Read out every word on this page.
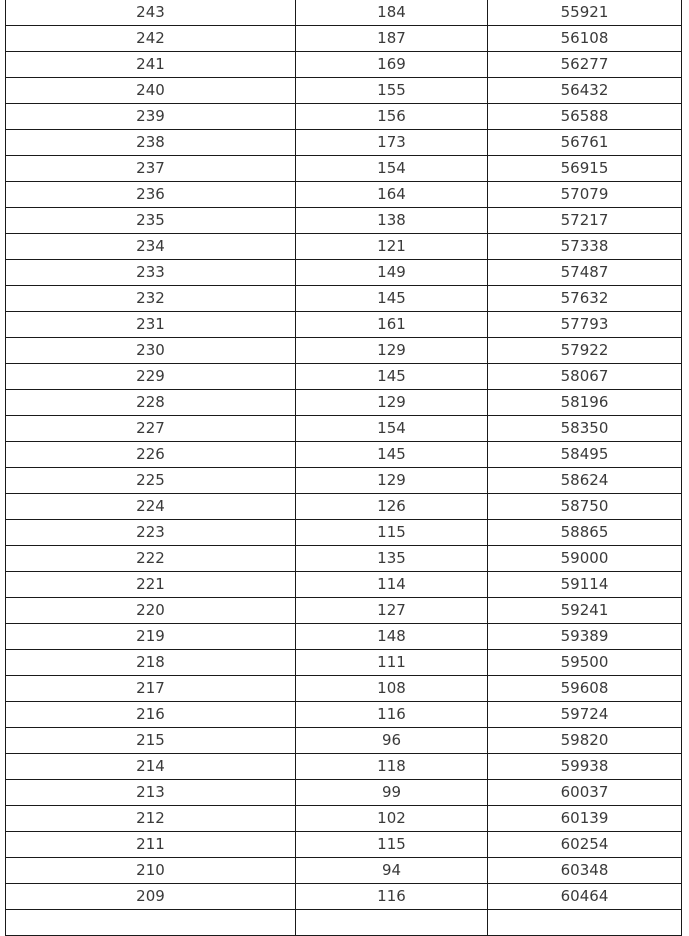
243	184	55921
242	187	56108
241	169	56277
240	155	56432
239	156	56588
238	173	56761
237	154	56915
236	164	57079
235	138	57217
234	121	57338
233	149	57487
232	145	57632
231	161	57793
230	129	57922
229	145	58067
228	129	58196
227	154	58350
226	145	58495
225	129	58624
224	126	58750
223	115	58865
222	135	59000
221	114	59114
220	127	59241
219	148	59389
218	111	59500
217	108	59608
216	116	59724
215	96	59820
214	118	59938
213	99	60037
212	102	60139
211	115	60254
210	94	60348
209	116	60464
